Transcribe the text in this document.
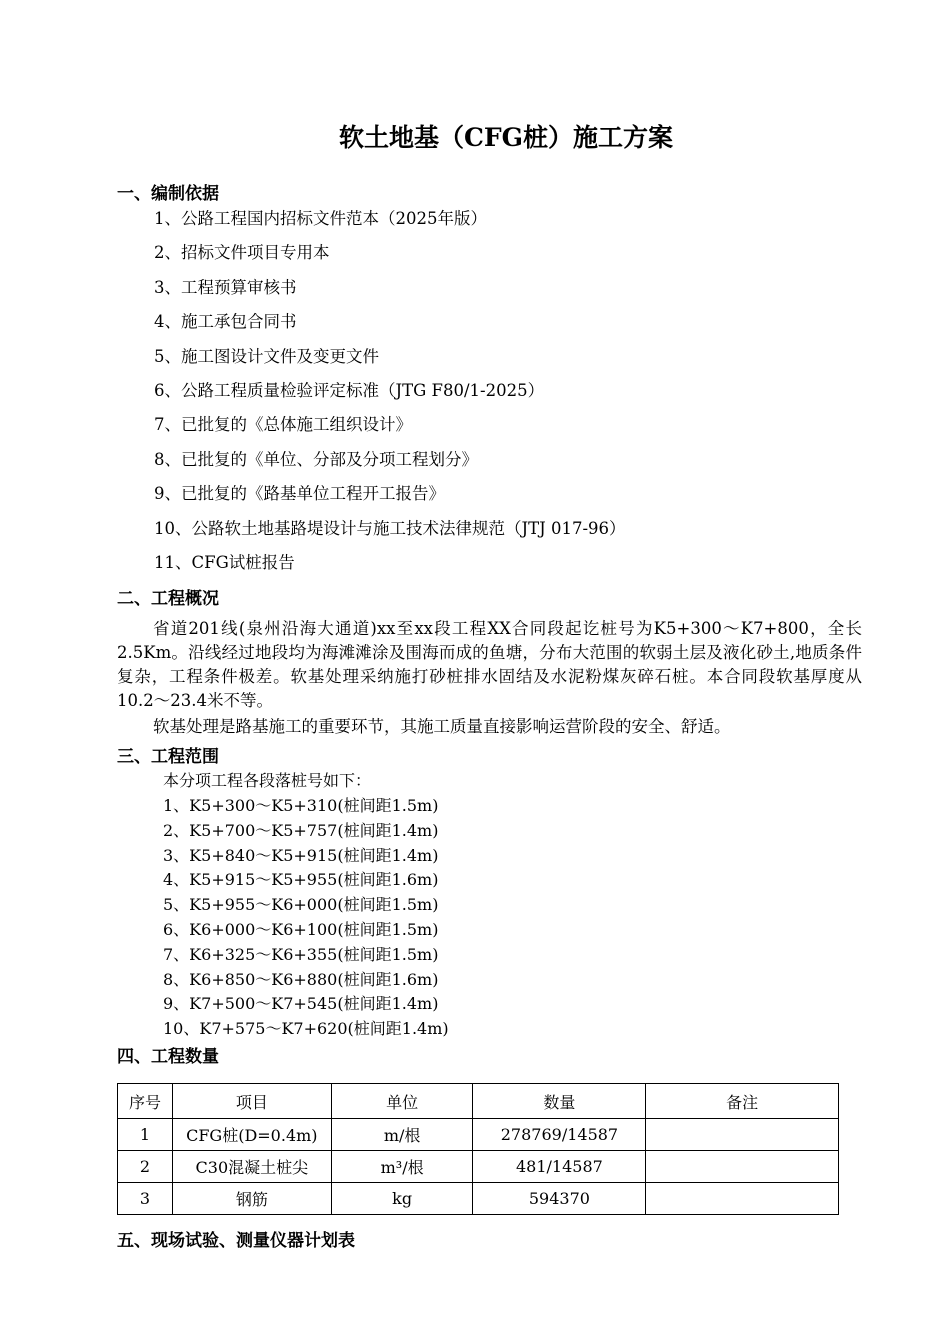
软土地基（CFG桩）施工方案
一、编制依据
1、公路工程国内招标文件范本（2025年版）
2、招标文件项目专用本
3、工程预算审核书
4、施工承包合同书
5、施工图设计文件及变更文件
6、公路工程质量检验评定标准（JTG F80/1-2025）
7、已批复的《总体施工组织设计》
8、已批复的《单位、分部及分项工程划分》
9、已批复的《路基单位工程开工报告》
10、公路软土地基路堤设计与施工技术法律规范（JTJ 017-96）
11、CFG试桩报告
二、工程概况
省道201线(泉州沿海大通道)xx至xx段工程XX合同段起讫桩号为K5+300～K7+800，全长2.5Km。沿线经过地段均为海滩滩涂及围海而成的鱼塘，分布大范围的软弱土层及液化砂土,地质条件复杂，工程条件极差。软基处理采纳施打砂桩排水固结及水泥粉煤灰碎石桩。本合同段软基厚度从10.2～23.4米不等。
软基处理是路基施工的重要环节，其施工质量直接影响运营阶段的安全、舒适。
三、工程范围
本分项工程各段落桩号如下：
1、K5+300～K5+310(桩间距1.5m)
2、K5+700～K5+757(桩间距1.4m)
3、K5+840～K5+915(桩间距1.4m)
4、K5+915～K5+955(桩间距1.6m)
5、K5+955～K6+000(桩间距1.5m)
6、K6+000～K6+100(桩间距1.5m)
7、K6+325～K6+355(桩间距1.5m)
8、K6+850～K6+880(桩间距1.6m)
9、K7+500～K7+545(桩间距1.4m)
10、K7+575～K7+620(桩间距1.4m)
四、工程数量
序号	项目	单位	数量	备注
1	CFG桩(D=0.4m)	m/根	278769/14587	
2	C30混凝土桩尖	m³/根	481/14587	
3	钢筋	kg	594370	
五、现场试验、测量仪器计划表
